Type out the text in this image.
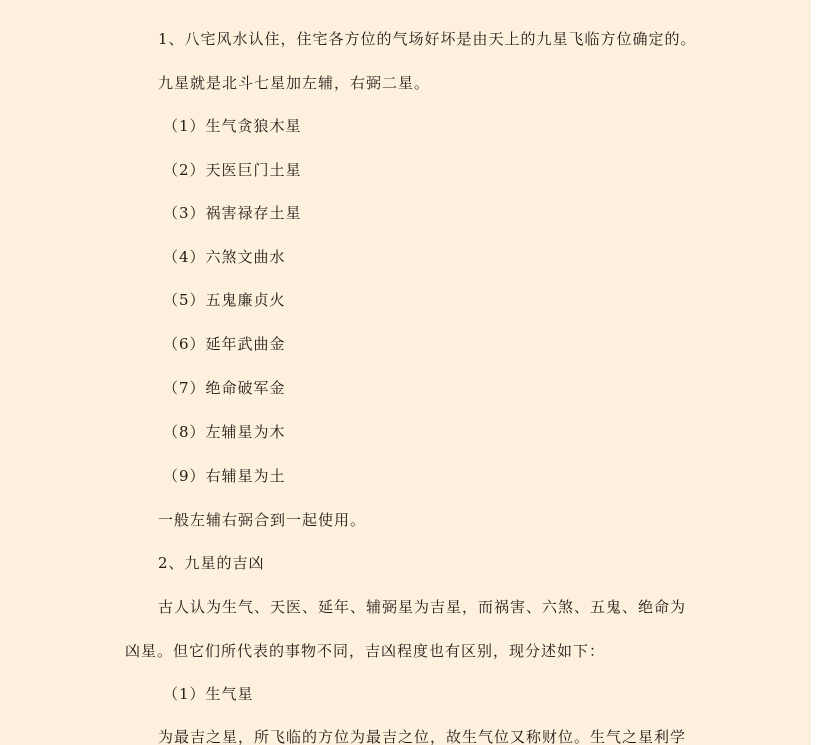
1、八宅风水认住，住宅各方位的气场好坏是由天上的九星飞临方位确定的。
九星就是北斗七星加左辅，右弼二星。
（1）生气贪狼木星
（2）天医巨门土星
（3）祸害禄存土星
（4）六煞文曲水
（5）五鬼廉贞火
（6）延年武曲金
（7）绝命破军金
（8）左辅星为木
（9）右辅星为土
一般左辅右弼合到一起使用。
2、九星的吉凶
古人认为生气、天医、延年、辅弼星为吉星，而祸害、六煞、五鬼、绝命为
凶星。但它们所代表的事物不同，吉凶程度也有区别，现分述如下：
（1）生气星
为最吉之星，所飞临的方位为最吉之位，故生气位又称财位。生气之星利学
